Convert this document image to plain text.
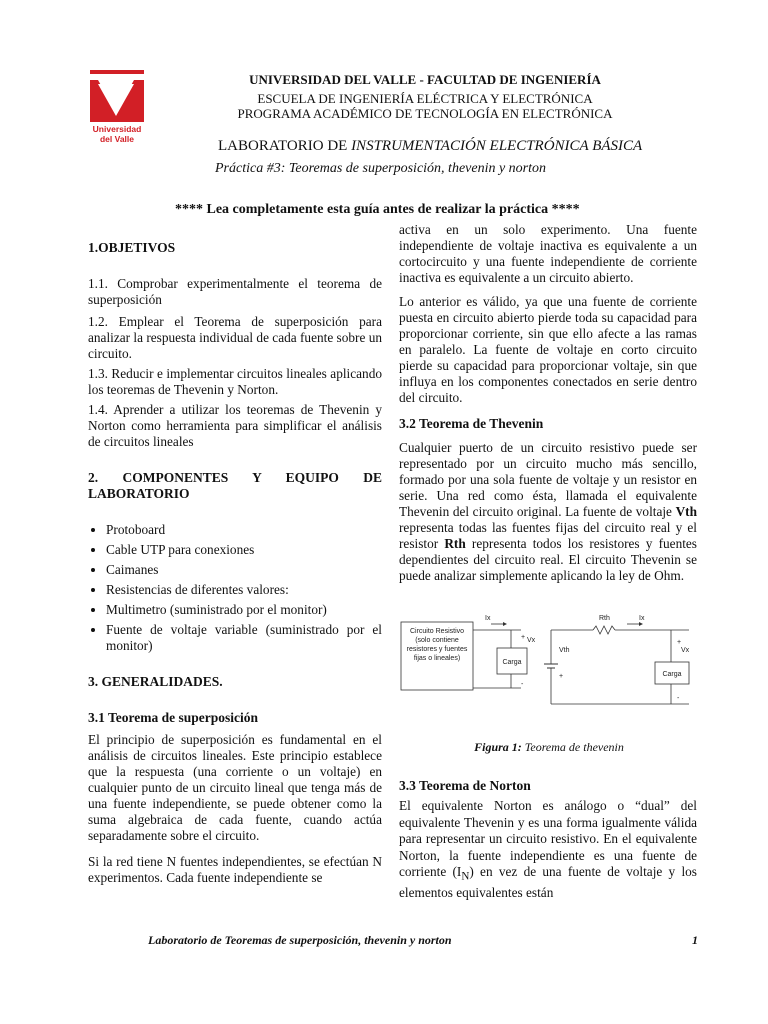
Universidad
del Valle
UNIVERSIDAD DEL VALLE - FACULTAD DE INGENIERÍA
ESCUELA DE INGENIERÍA ELÉCTRICA Y ELECTRÓNICA
PROGRAMA ACADÉMICO DE TECNOLOGÍA EN ELECTRÓNICA
LABORATORIO DE INSTRUMENTACIÓN ELECTRÓNICA BÁSICA
Práctica #3: Teoremas de superposición, thevenin y norton
**** Lea completamente esta guía antes de realizar la práctica ****

1.OBJETIVOS

1.1. Comprobar experimentalmente el teorema de superposición

1.2. Emplear el Teorema de superposición para analizar la respuesta individual de cada fuente sobre un circuito.

1.3. Reducir e implementar circuitos lineales aplicando los teoremas de Thevenin y Norton.

1.4. Aprender a utilizar los teoremas de Thevenin y Norton como herramienta para simplificar el análisis de circuitos lineales

2. COMPONENTES Y EQUIPO DE LABORATORIO

• Protoboard
• Cable UTP para conexiones
• Caimanes
• Resistencias de diferentes valores:
• Multimetro (suministrado por el monitor)
• Fuente de voltaje variable (suministrado por el monitor)

3. GENERALIDADES.

3.1 Teorema de superposición

El principio de superposición es fundamental en el análisis de circuitos lineales. Este principio establece que la respuesta (una corriente o un voltaje) en cualquier punto de un circuito lineal que tenga más de una fuente independiente, se puede obtener como la suma algebraica de cada fuente, cuando actúa separadamente sobre el circuito.

Si la red tiene N fuentes independientes, se efectúan N experimentos. Cada fuente independiente se

activa en un solo experimento. Una fuente independiente de voltaje inactiva es equivalente a un cortocircuito y una fuente independiente de corriente inactiva es equivalente a un circuito abierto.

Lo anterior es válido, ya que una fuente de corriente puesta en circuito abierto pierde toda su capacidad para proporcionar corriente, sin que ello afecte a las ramas en paralelo. La fuente de voltaje en corto circuito pierde su capacidad para proporcionar voltaje, sin que influya en los componentes conectados en serie dentro del circuito.

3.2 Teorema de Thevenin

Cualquier puerto de un circuito resistivo puede ser representado por un circuito mucho más sencillo, formado por una sola fuente de voltaje y un resistor en serie. Una red como ésta, llamada el equivalente Thevenin del circuito original. La fuente de voltaje Vth representa todas las fuentes fijas del circuito real y el resistor Rth representa todos los resistores y fuentes dependientes del circuito real. El circuito Thevenin se puede analizar simplemente aplicando la ley de Ohm.

Circuito Resistivo
(solo contiene
resistores y fuentes
fijas o lineales)
Ix
+ Vx
Carga
-
Rth	Ix
Vth
+	Carga
+
Vx
-
Figura 1: Teorema de thevenin

3.3 Teorema de Norton

El equivalente Norton es análogo o “dual” del equivalente Thevenin y es una forma igualmente válida para representar un circuito resistivo. En el equivalente Norton, la fuente independiente es una fuente de corriente $(I_N)$ en vez de una fuente de voltaje y los elementos equivalentes están

Laboratorio de Teoremas de superposición, thevenin y norton	1
